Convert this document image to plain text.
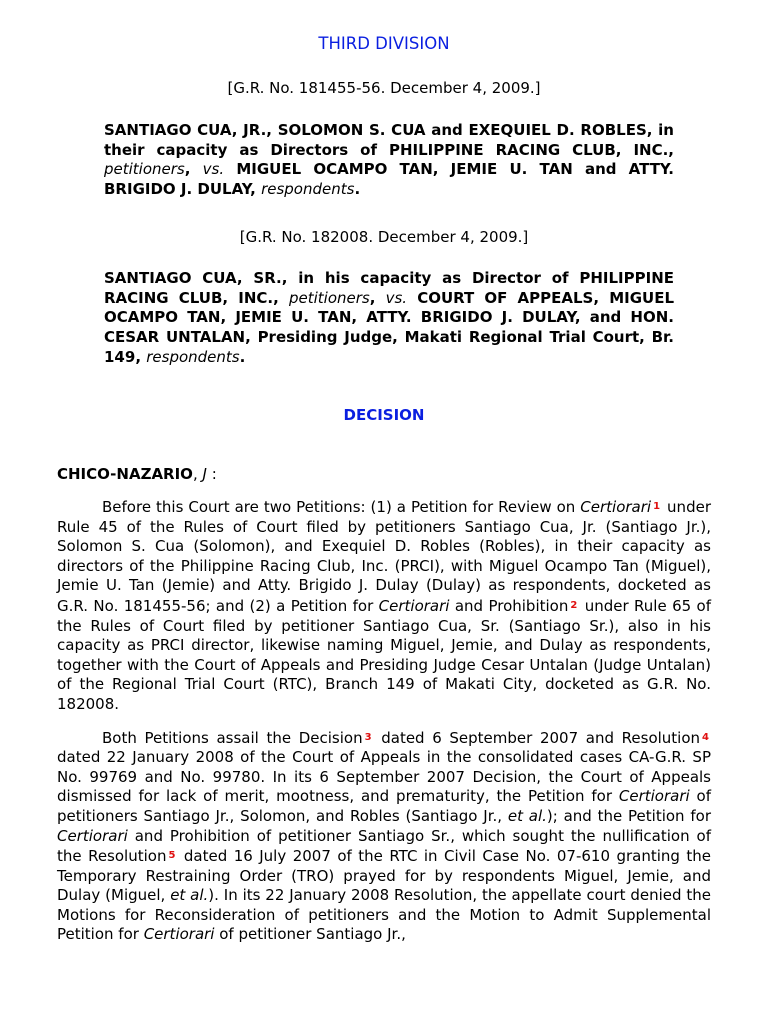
THIRD DIVISION
[G.R. No. 181455-56. December 4, 2009.]
SANTIAGO CUA, JR., SOLOMON S. CUA and EXEQUIEL D. ROBLES, in their capacity as Directors of PHILIPPINE RACING CLUB, INC., petitioners, vs. MIGUEL OCAMPO TAN, JEMIE U. TAN and ATTY. BRIGIDO J. DULAY, respondents.
[G.R. No. 182008. December 4, 2009.]
SANTIAGO CUA, SR., in his capacity as Director of PHILIPPINE RACING CLUB, INC., petitioners, vs. COURT OF APPEALS, MIGUEL OCAMPO TAN, JEMIE U. TAN, ATTY. BRIGIDO J. DULAY, and HON. CESAR UNTALAN, Presiding Judge, Makati Regional Trial Court, Br. 149, respondents.
DECISION
CHICO-NAZARIO, J :

Before this Court are two Petitions: (1) a Petition for Review on Certiorari $^1$ under Rule 45 of the Rules of Court filed by petitioners Santiago Cua, Jr. (Santiago Jr.), Solomon S. Cua (Solomon), and Exequiel D. Robles (Robles), in their capacity as directors of the Philippine Racing Club, Inc. (PRCI), with Miguel Ocampo Tan (Miguel), Jemie U. Tan (Jemie) and Atty. Brigido J. Dulay (Dulay) as respondents, docketed as G.R. No. 181455-56; and (2) a Petition for Certiorari and Prohibition $^2$ under Rule 65 of the Rules of Court filed by petitioner Santiago Cua, Sr. (Santiago Sr.), also in his capacity as PRCI director, likewise naming Miguel, Jemie, and Dulay as respondents, together with the Court of Appeals and Presiding Judge Cesar Untalan (Judge Untalan) of the Regional Trial Court (RTC), Branch 149 of Makati City, docketed as G.R. No. 182008.

Both Petitions assail the Decision $^3$ dated 6 September 2007 and Resolution $^4$ dated 22 January 2008 of the Court of Appeals in the consolidated cases CA-G.R. SP No. 99769 and No. 99780. In its 6 September 2007 Decision, the Court of Appeals dismissed for lack of merit, mootness, and prematurity, the Petition for Certiorari of petitioners Santiago Jr., Solomon, and Robles (Santiago Jr., et al.); and the Petition for Certiorari and Prohibition of petitioner Santiago Sr., which sought the nullification of the Resolution $^5$ dated 16 July 2007 of the RTC in Civil Case No. 07-610 granting the Temporary Restraining Order (TRO) prayed for by respondents Miguel, Jemie, and Dulay (Miguel, et al.). In its 22 January 2008 Resolution, the appellate court denied the Motions for Reconsideration of petitioners and the Motion to Admit Supplemental Petition for Certiorari of petitioner Santiago Jr.,
